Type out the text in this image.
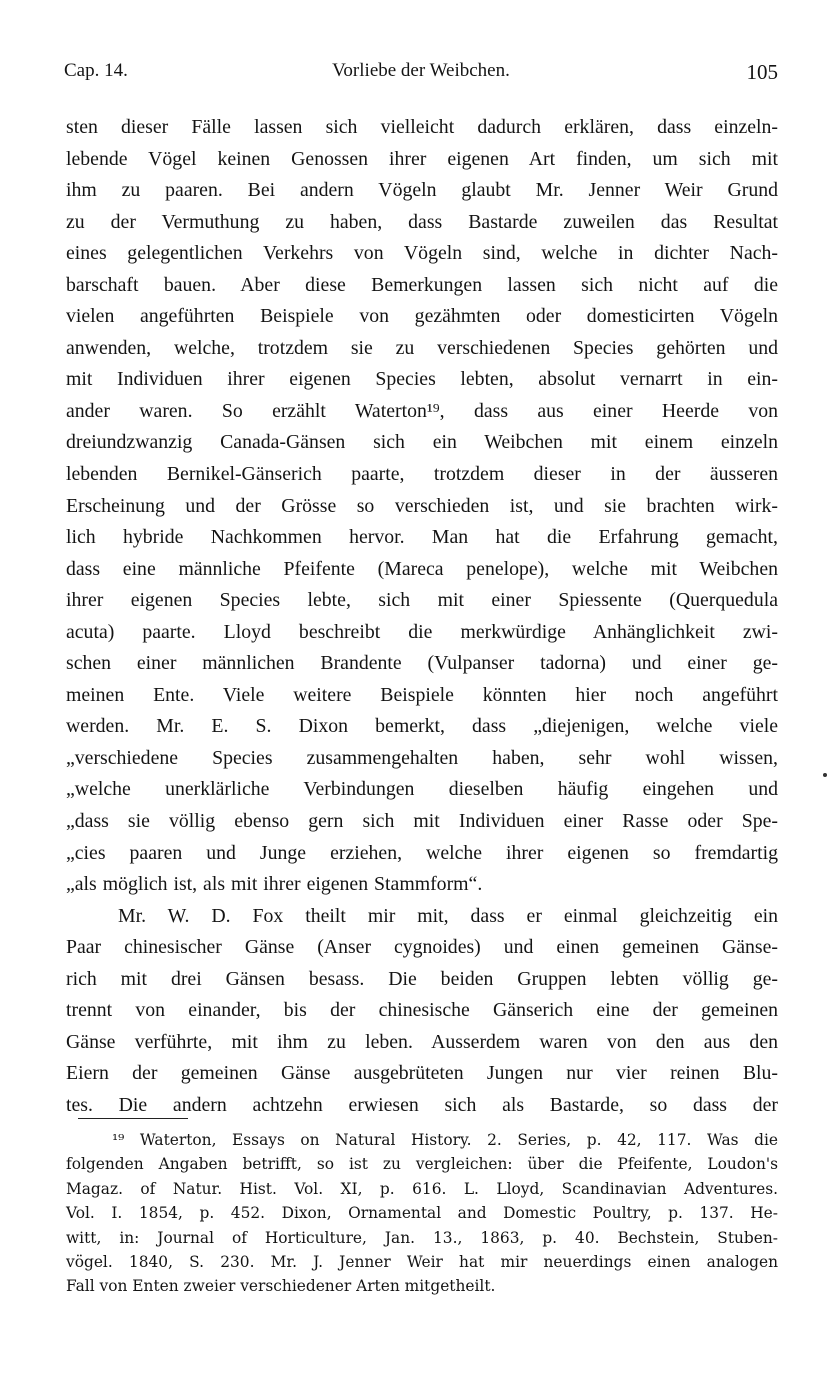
Cap. 14.	Vorliebe der Weibchen.	105
sten dieser Fälle lassen sich vielleicht dadurch erklären, dass einzeln-
lebende Vögel keinen Genossen ihrer eigenen Art finden, um sich mit
ihm zu paaren. Bei andern Vögeln glaubt Mr. Jenner Weir Grund
zu der Vermuthung zu haben, dass Bastarde zuweilen das Resultat
eines gelegentlichen Verkehrs von Vögeln sind, welche in dichter Nach-
barschaft bauen. Aber diese Bemerkungen lassen sich nicht auf die
vielen angeführten Beispiele von gezähmten oder domesticirten Vögeln
anwenden, welche, trotzdem sie zu verschiedenen Species gehörten und
mit Individuen ihrer eigenen Species lebten, absolut vernarrt in ein-
ander waren. So erzählt Waterton¹⁹, dass aus einer Heerde von
dreiundzwanzig Canada-Gänsen sich ein Weibchen mit einem einzeln
lebenden Bernikel-Gänserich paarte, trotzdem dieser in der äusseren
Erscheinung und der Grösse so verschieden ist, und sie brachten wirk-
lich hybride Nachkommen hervor. Man hat die Erfahrung gemacht,
dass eine männliche Pfeifente (Mareca penelope), welche mit Weibchen
ihrer eigenen Species lebte, sich mit einer Spiessente (Querquedula
acuta) paarte. Lloyd beschreibt die merkwürdige Anhänglichkeit zwi-
schen einer männlichen Brandente (Vulpanser tadorna) und einer ge-
meinen Ente. Viele weitere Beispiele könnten hier noch angeführt
werden. Mr. E. S. Dixon bemerkt, dass „diejenigen, welche viele
„verschiedene Species zusammengehalten haben, sehr wohl wissen,
„welche unerklärliche Verbindungen dieselben häufig eingehen und
„dass sie völlig ebenso gern sich mit Individuen einer Rasse oder Spe-
„cies paaren und Junge erziehen, welche ihrer eigenen so fremdartig
„als möglich ist, als mit ihrer eigenen Stammform“.
Mr. W. D. Fox theilt mir mit, dass er einmal gleichzeitig ein
Paar chinesischer Gänse (Anser cygnoides) und einen gemeinen Gänse-
rich mit drei Gänsen besass. Die beiden Gruppen lebten völlig ge-
trennt von einander, bis der chinesische Gänserich eine der gemeinen
Gänse verführte, mit ihm zu leben. Ausserdem waren von den aus den
Eiern der gemeinen Gänse ausgebrüteten Jungen nur vier reinen Blu-
tes. Die andern achtzehn erwiesen sich als Bastarde, so dass der
¹⁹ Waterton, Essays on Natural History. 2. Series, p. 42, 117. Was die
folgenden Angaben betrifft, so ist zu vergleichen: über die Pfeifente, Loudon's
Magaz. of Natur. Hist. Vol. XI, p. 616. L. Lloyd, Scandinavian Adventures.
Vol. I. 1854, p. 452. Dixon, Ornamental and Domestic Poultry, p. 137. He-
witt, in: Journal of Horticulture, Jan. 13., 1863, p. 40. Bechstein, Stuben-
vögel. 1840, S. 230. Mr. J. Jenner Weir hat mir neuerdings einen analogen
Fall von Enten zweier verschiedener Arten mitgetheilt.
